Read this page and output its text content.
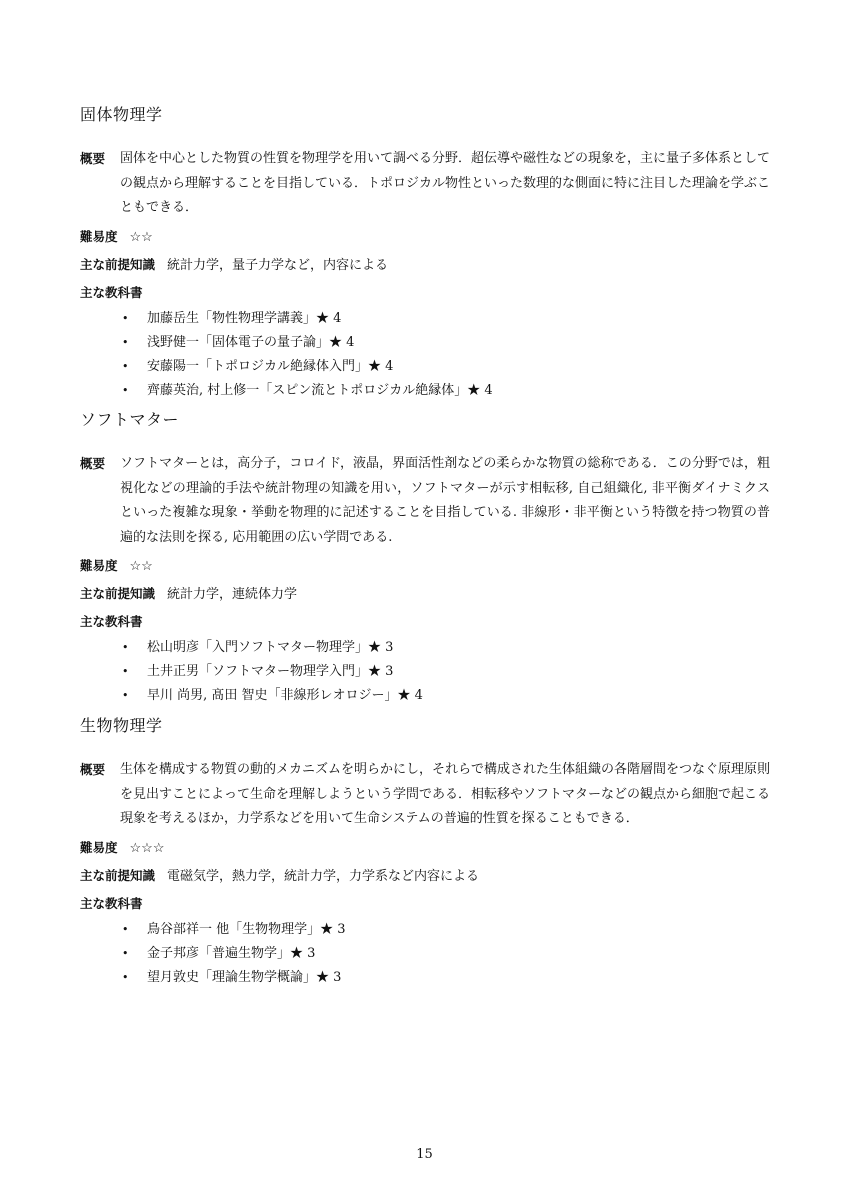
固体物理学
概要 固体を中心とした物質の性質を物理学を用いて調べる分野．超伝導や磁性などの現象を，主に量子多体系としての観点から理解することを目指している．トポロジカル物性といった数理的な側面に特に注目した理論を学ぶこともできる．
難易度 ☆☆
主な前提知識 統計力学，量子力学など，内容による
主な教科書
• 加藤岳生「物性物理学講義」★ 4
• 浅野健一「固体電子の量子論」★ 4
• 安藤陽一「トポロジカル絶縁体入門」★ 4
• 齊藤英治, 村上修一「スピン流とトポロジカル絶縁体」★ 4
ソフトマター
概要 ソフトマターとは，高分子，コロイド，液晶，界面活性剤などの柔らかな物質の総称である．この分野では，粗視化などの理論的手法や統計物理の知識を用い，ソフトマターが示す相転移, 自己組織化, 非平衡ダイナミクスといった複雑な現象・挙動を物理的に記述することを目指している. 非線形・非平衡という特徴を持つ物質の普遍的な法則を探る, 応用範囲の広い学問である.
難易度 ☆☆
主な前提知識 統計力学，連続体力学
主な教科書
• 松山明彦「入門ソフトマター物理学」★ 3
• 土井正男「ソフトマター物理学入門」★ 3
• 早川 尚男, 髙田 智史「非線形レオロジー」★ 4
生物物理学
概要 生体を構成する物質の動的メカニズムを明らかにし，それらで構成された生体組織の各階層間をつなぐ原理原則を見出すことによって生命を理解しようという学問である．相転移やソフトマターなどの観点から細胞で起こる現象を考えるほか，力学系などを用いて生命システムの普遍的性質を探ることもできる．
難易度 ☆☆☆
主な前提知識 電磁気学，熱力学，統計力学，力学系など内容による
主な教科書
• 鳥谷部祥一 他「生物物理学」★ 3
• 金子邦彦「普遍生物学」★ 3
• 望月敦史「理論生物学概論」★ 3
15
